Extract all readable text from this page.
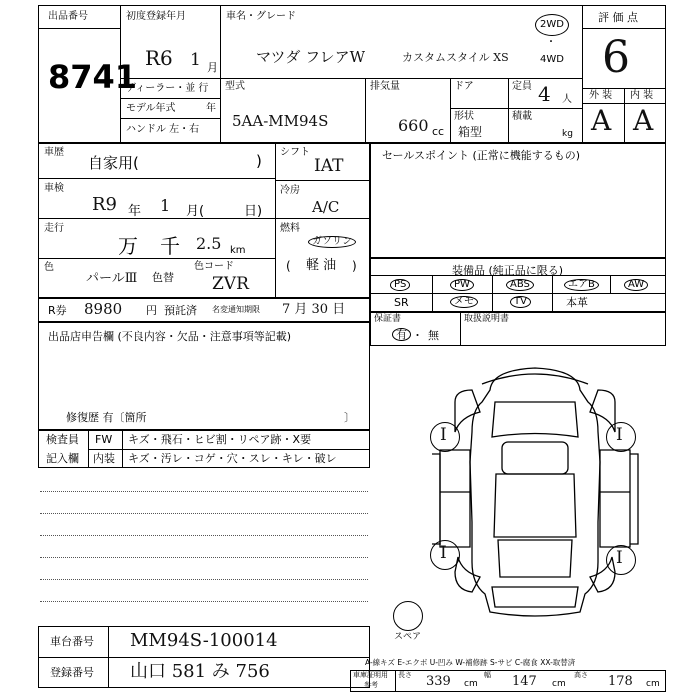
出品番号
8741
初度登録年月
R6 1 月
車名・グレード
マツダ フレアW	カスタムスタイル XS
2WD
・
4WD
評 価 点
6
外 装 内 装
A A
ディーラー・並 行
モデル年式	年
ハンドル 左・右
型式
5AA-MM94S
排気量
660 cc
ドア
形状
箱型
定員 4 人
積載
kg
車歴
自家用(	)
車検
R9 年 1 月(	日)
走行
万 千 2.5 km
色
パールⅢ 色替
色コード
ZVR
シフト
IAT
冷房
A/C
燃料
ガソリン
( 軽 油 )
R券 8980 円 預託済 名変通知期限 7 月 30 日
出品店申告欄 (不良内容・欠品・注意事項等記載)
修復歴 有〔箇所	〕
検査員
記入欄
FW キズ・飛石・ヒビ割・リペア跡・X要
内装 キズ・汚レ・コゲ・穴・スレ・キレ・破レ
セールスポイント (正常に機能するもの)
装備品 (純正品に限る)
PS	PW	ABS	エアB	AW
SR	メモ	TV	本革
保証書
有 ・ 無
取扱説明書
Ⅰ	Ⅰ
Ⅰ	Ⅰ
スペア
車台番号 MM94S-100014
登録番号 山口 581 み 756	A-線キズ E-エクボ U-凹み W-補修跡 S-サビ C-腐食 XX-取替済
車庫証明用
参考
長さ 339 cm
幅 147 cm
高さ 178 cm
